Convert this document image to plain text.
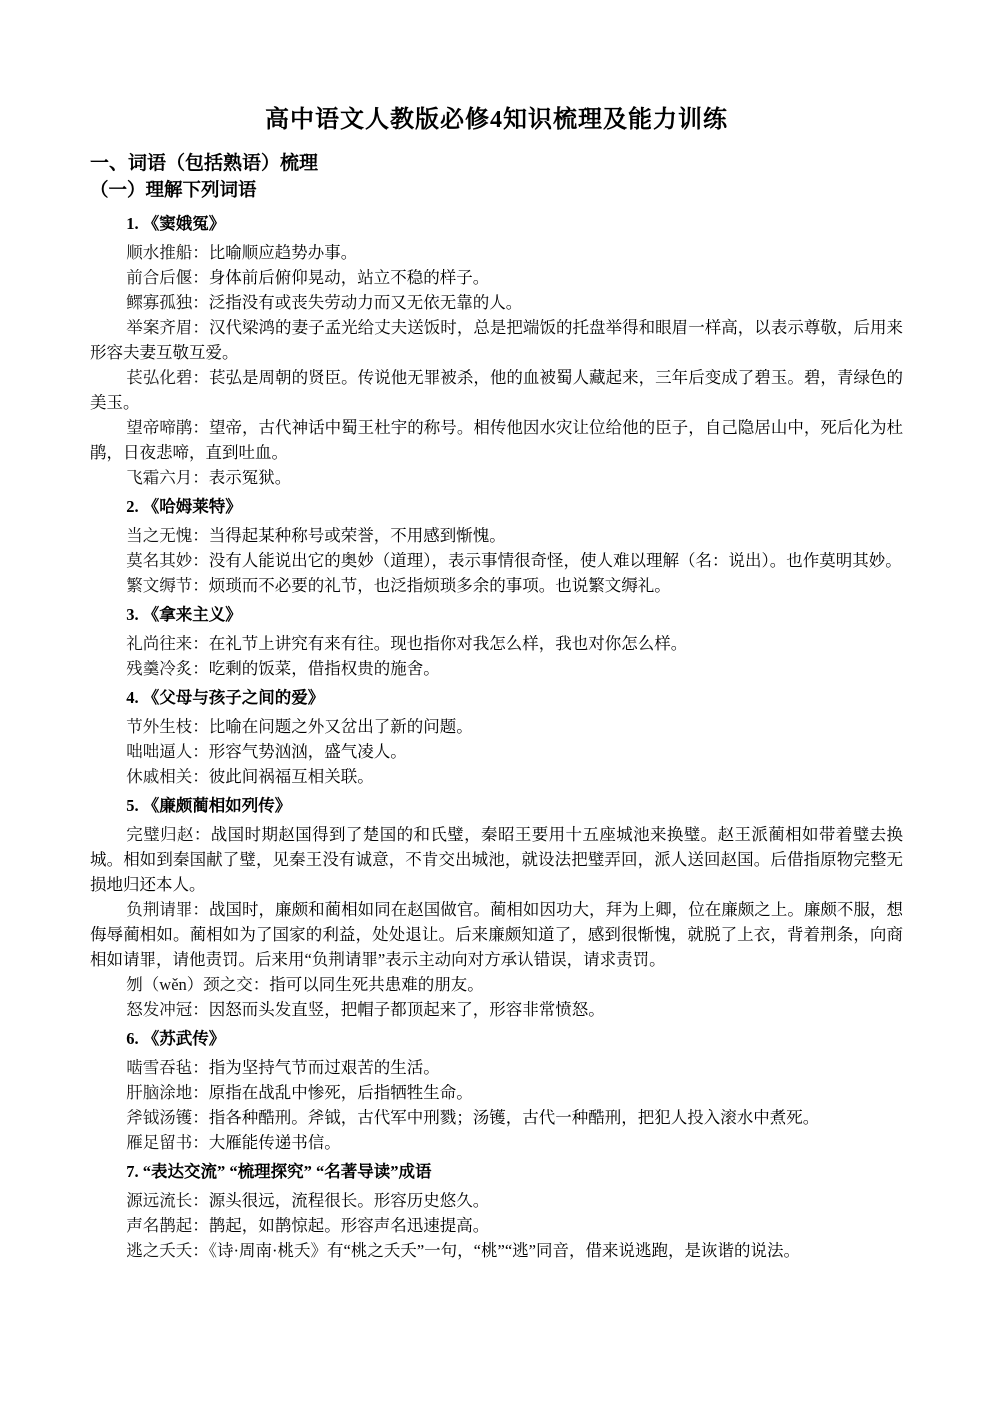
高中语文人教版必修4知识梳理及能力训练
一、词语（包括熟语）梳理
（一）理解下列词语
1. 《窦娥冤》

顺水推船：比喻顺应趋势办事。

前合后偃：身体前后俯仰晃动，站立不稳的样子。

鳏寡孤独：泛指没有或丧失劳动力而又无依无靠的人。

举案齐眉：汉代梁鸿的妻子孟光给丈夫送饭时，总是把端饭的托盘举得和眼眉一样高，以表示尊敬，后用来形容夫妻互敬互爱。

苌弘化碧：苌弘是周朝的贤臣。传说他无罪被杀，他的血被蜀人藏起来，三年后变成了碧玉。碧，青绿色的美玉。

望帝啼鹃：望帝，古代神话中蜀王杜宇的称号。相传他因水灾让位给他的臣子，自己隐居山中，死后化为杜鹃，日夜悲啼，直到吐血。

飞霜六月：表示冤狱。

2. 《哈姆莱特》

当之无愧：当得起某种称号或荣誉，不用感到惭愧。

莫名其妙：没有人能说出它的奥妙（道理），表示事情很奇怪，使人难以理解（名：说出）。也作莫明其妙。

繁文缛节：烦琐而不必要的礼节，也泛指烦琐多余的事项。也说繁文缛礼。

3. 《拿来主义》

礼尚往来：在礼节上讲究有来有往。现也指你对我怎么样，我也对你怎么样。

残羹冷炙：吃剩的饭菜，借指权贵的施舍。

4. 《父母与孩子之间的爱》

节外生枝：比喻在问题之外又岔出了新的问题。

咄咄逼人：形容气势汹汹，盛气凌人。

休戚相关：彼此间祸福互相关联。

5. 《廉颇蔺相如列传》

完璧归赵：战国时期赵国得到了楚国的和氏璧，秦昭王要用十五座城池来换璧。赵王派蔺相如带着璧去换城。相如到秦国献了璧，见秦王没有诚意，不肯交出城池，就设法把璧弄回，派人送回赵国。后借指原物完整无损地归还本人。

负荆请罪：战国时，廉颇和蔺相如同在赵国做官。蔺相如因功大，拜为上卿，位在廉颇之上。廉颇不服，想侮辱蔺相如。蔺相如为了国家的利益，处处退让。后来廉颇知道了，感到很惭愧，就脱了上衣，背着荆条，向商相如请罪，请他责罚。后来用“负荆请罪”表示主动向对方承认错误，请求责罚。

刎（wěn）颈之交：指可以同生死共患难的朋友。

怒发冲冠：因怒而头发直竖，把帽子都顶起来了，形容非常愤怒。

6. 《苏武传》

啮雪吞毡：指为坚持气节而过艰苦的生活。

肝脑涂地：原指在战乱中惨死，后指牺牲生命。

斧钺汤镬：指各种酷刑。斧钺，古代军中刑戮；汤镬，古代一种酷刑，把犯人投入滚水中煮死。

雁足留书：大雁能传递书信。

7. “表达交流” “梳理探究” “名著导读”成语

源远流长：源头很远，流程很长。形容历史悠久。

声名鹊起：鹊起，如鹊惊起。形容声名迅速提高。

逃之夭夭：《诗·周南·桃夭》有“桃之夭夭”一句，“桃”“逃”同音，借来说逃跑，是诙谐的说法。
